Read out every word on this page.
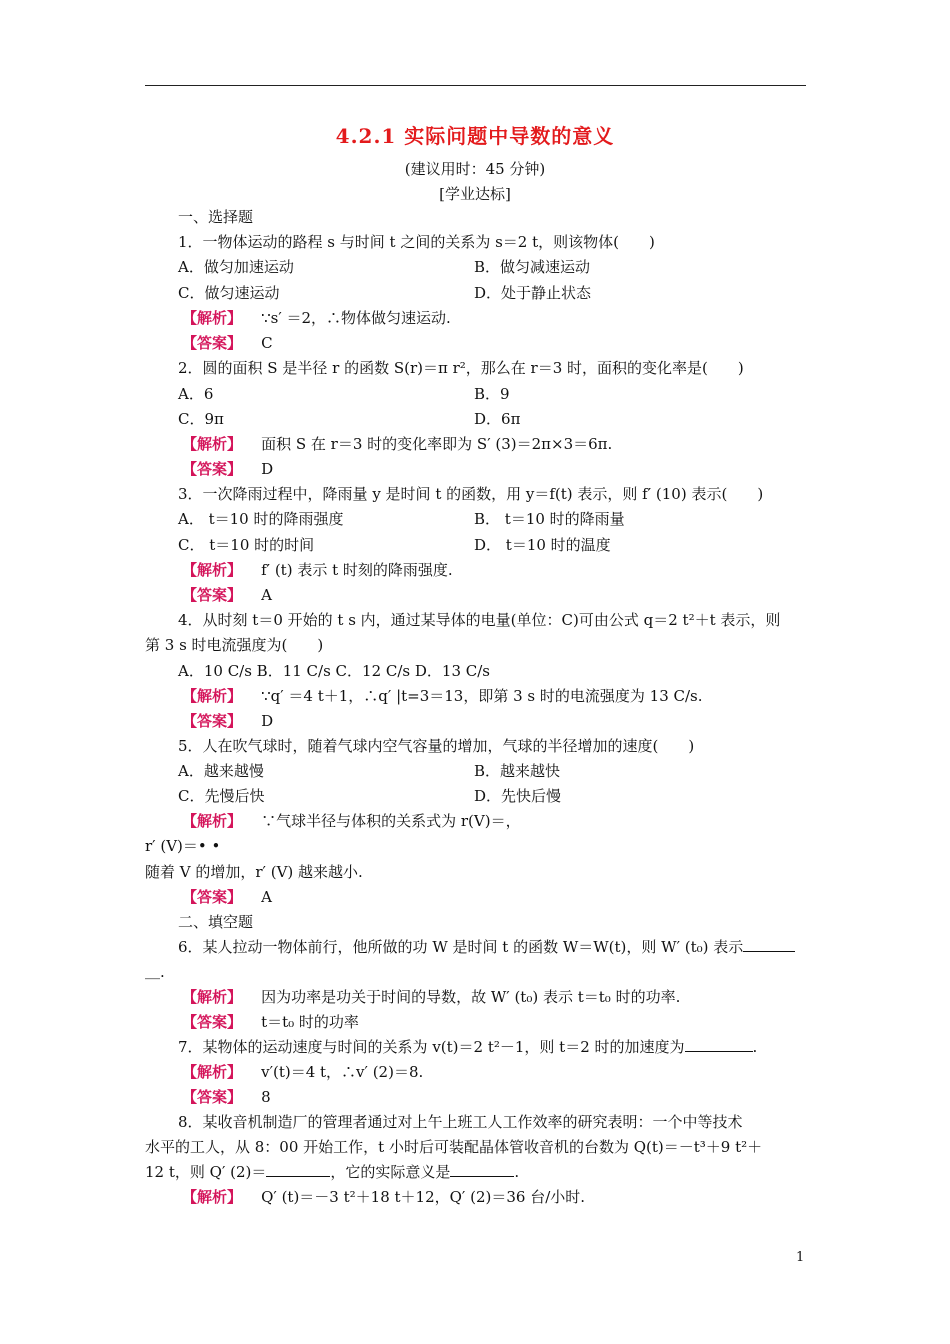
4.2.1 实际问题中导数的意义
(建议用时：45 分钟)
[学业达标]
一、选择题
1．一物体运动的路程 s 与时间 t 之间的关系为 s＝2 t，则该物体(　　)
A．做匀加速运动	B．做匀减速运动
C．做匀速运动	D．处于静止状态
【解析】 ∵s′ ＝2，∴物体做匀速运动.
【答案】 C
2．圆的面积 S 是半径 r 的函数 S(r)＝π r²，那么在 r＝3 时，面积的变化率是(　　)
A．6	B．9
C．9π	D．6π
【解析】 面积 S 在 r＝3 时的变化率即为 S′ (3)＝2π×3＝6π.
【答案】 D
3．一次降雨过程中，降雨量 y 是时间 t 的函数，用 y＝f(t) 表示，则 f′ (10) 表示(　　)
A． t＝10 时的降雨强度	B． t＝10 时的降雨量
C． t＝10 时的时间	D． t＝10 时的温度
【解析】 f′ (t) 表示 t 时刻的降雨强度.
【答案】 A
4．从时刻 t＝0 开始的 t s 内，通过某导体的电量(单位：C)可由公式 q＝2 t²＋t 表示，则
第 3 s 时电流强度为(　　)
A．10 C/s B．11 C/s C．12 C/s D．13 C/s
【解析】 ∵q′ ＝4 t＋1，∴q′ |t=3＝13，即第 3 s 时的电流强度为 13 C/s.
【答案】 D
5．人在吹气球时，随着气球内空气容量的增加，气球的半径增加的速度(　　)
A．越来越慢	B．越来越快
C．先慢后快	D．先快后慢
【解析】 ∵气球半径与体积的关系式为 r(V)＝，
r′ (V)＝• •
随着 V 的增加，r′ (V) 越来越小.
【答案】 A
二、填空题
6．某人拉动一物体前行，他所做的功 W 是时间 t 的函数 W＝W(t)，则 W′ (t₀) 表示
＿.
【解析】 因为功率是功关于时间的导数，故 W′ (t₀) 表示 t＝t₀ 时的功率.
【答案】 t＝t₀ 时的功率
7．某物体的运动速度与时间的关系为 v(t)＝2 t²－1，则 t＝2 时的加速度为	.
【解析】 v′(t)＝4 t，∴v′ (2)＝8.
【答案】 8
8．某收音机制造厂的管理者通过对上午上班工人工作效率的研究表明：一个中等技术
水平的工人，从 8：00 开始工作，t 小时后可装配晶体管收音机的台数为 Q(t)＝－t³＋9 t²＋
12 t，则 Q′ (2)＝	，它的实际意义是	.
【解析】 Q′ (t)＝－3 t²＋18 t＋12，Q′ (2)＝36 台/小时.
1
